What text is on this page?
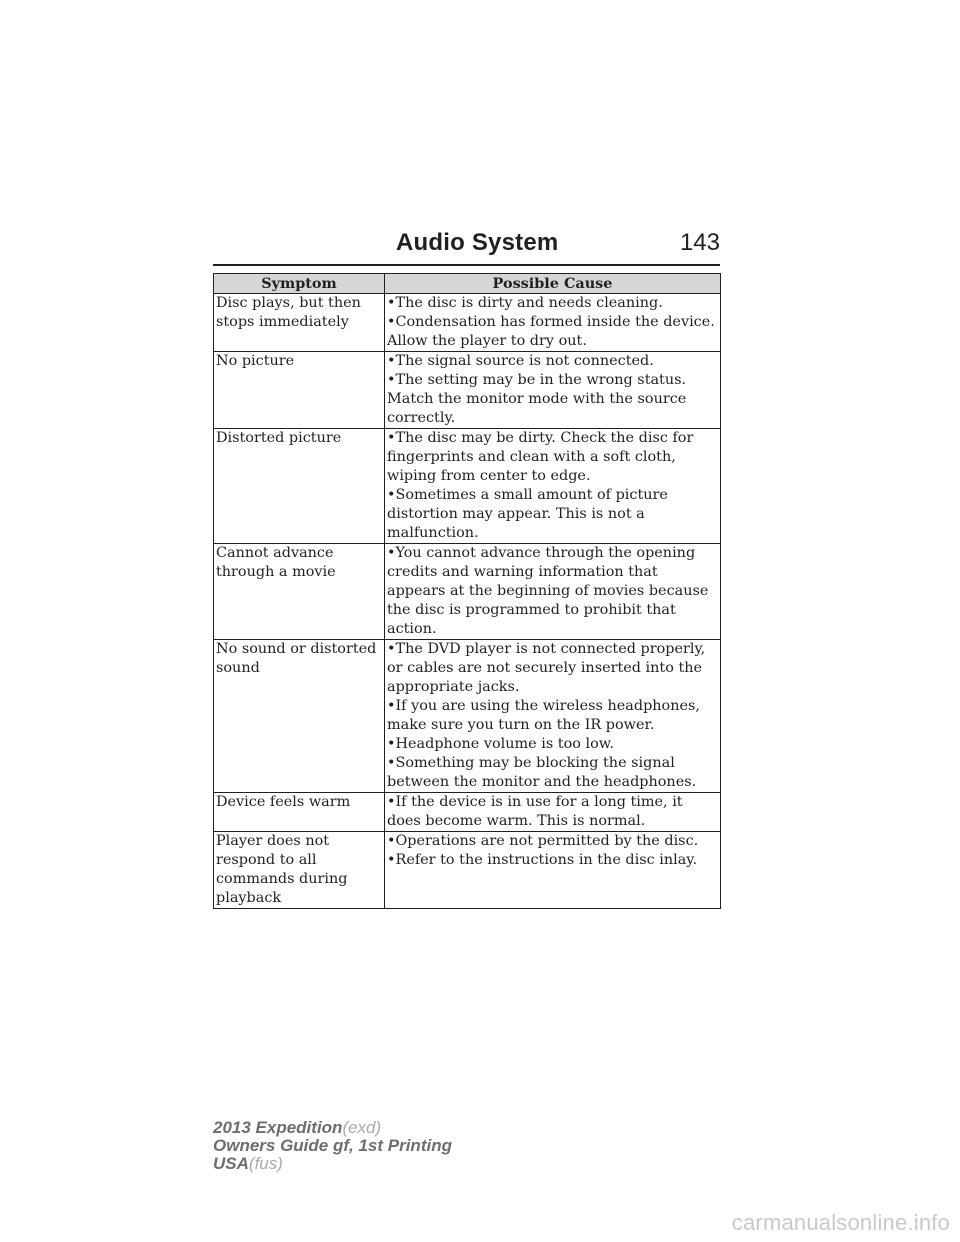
Audio System	143
Symptom	Possible Cause
Disc plays, but then stops immediately	•The disc is dirty and needs cleaning.
•Condensation has formed inside the device. Allow the player to dry out.

No picture	•The signal source is not connected.
•The setting may be in the wrong status. Match the monitor mode with the source correctly.

Distorted picture	•The disc may be dirty. Check the disc for fingerprints and clean with a soft cloth, wiping from center to edge.
•Sometimes a small amount of picture distortion may appear. This is not a malfunction.

Cannot advance through a movie	•You cannot advance through the opening credits and warning information that appears at the beginning of movies because the disc is programmed to prohibit that action.

No sound or distorted sound	•The DVD player is not connected properly, or cables are not securely inserted into the appropriate jacks.
•If you are using the wireless headphones, make sure you turn on the IR power.
•Headphone volume is too low.
•Something may be blocking the signal between the monitor and the headphones.

Device feels warm	•If the device is in use for a long time, it does become warm. This is normal.

Player does not respond to all commands during playback	•Operations are not permitted by the disc.
•Refer to the instructions in the disc inlay.
2013 Expedition(exd)
Owners Guide gf, 1st Printing
USA(fus)
carmanualsonline.info
